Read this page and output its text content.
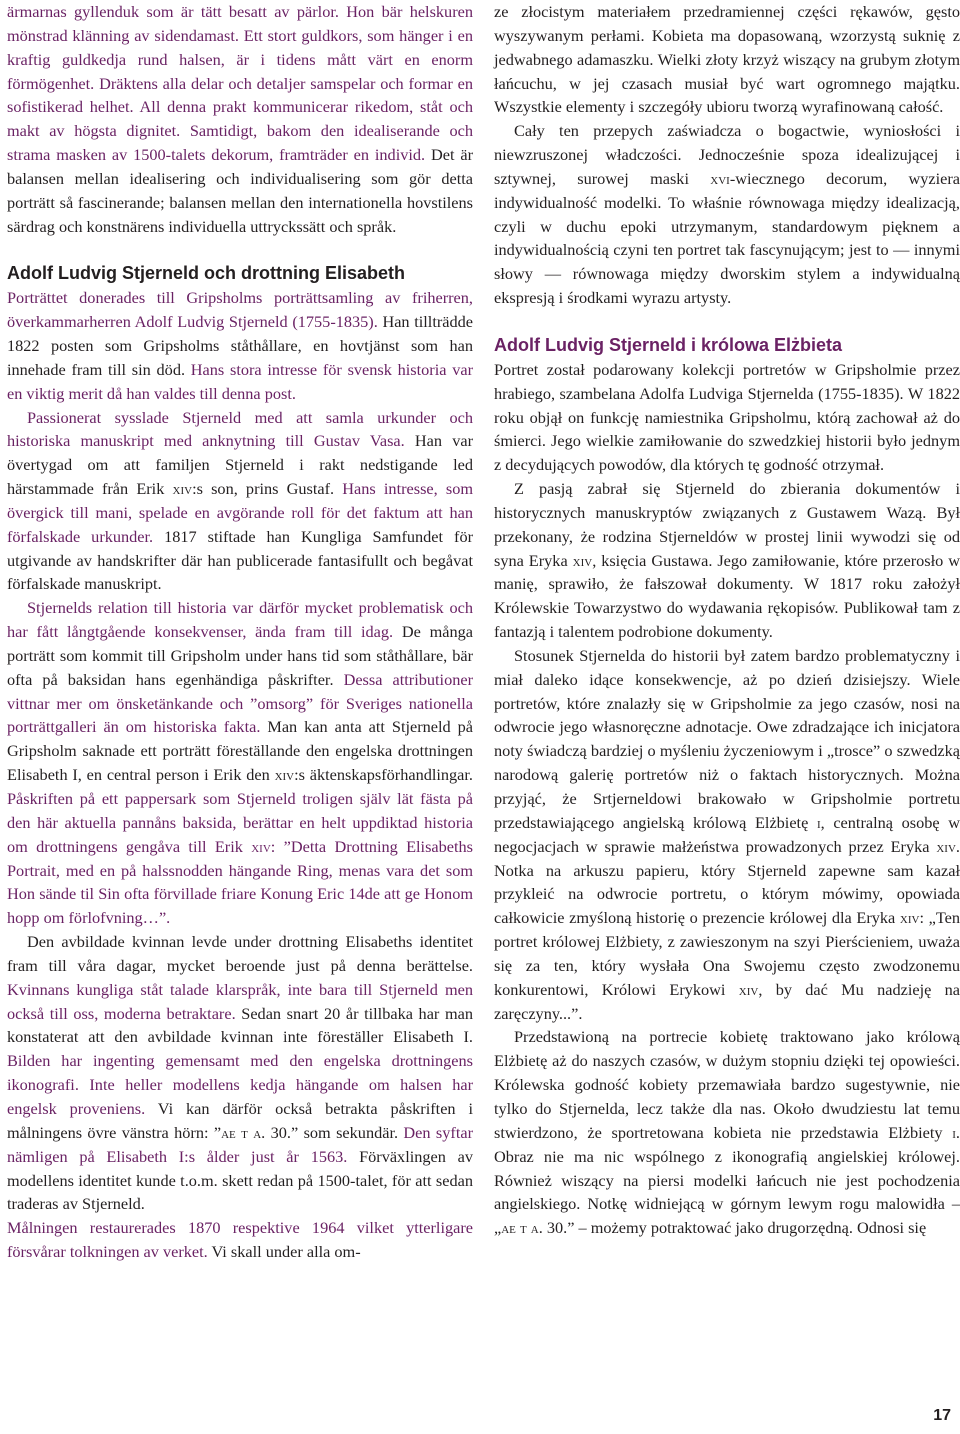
ärmarnas gyllenduk som är tätt besatt av pärlor. Hon bär helskuren mönstrad klänning av sidendamast. Ett stort guldkors, som hänger i en kraftig guldkedja rund halsen, är i tidens mått värt en enorm förmögenhet. Dräktens alla delar och detaljer samspelar och formar en sofistikerad helhet. All denna prakt kommunicerar rikedom, ståt och makt av högsta dignitet. Samtidigt, bakom den idealiserande och strama masken av 1500-talets dekorum, framträder en individ. Det är balansen mellan idealisering och individualisering som gör detta porträtt så fascinerande; balansen mellan den internationella hovstilens särdrag och konstnärens individuella uttryckssätt och språk.

Adolf Ludvig Stjerneld och drottning Elisabeth

Porträttet donerades till Gripsholms porträttsamling av friherren, överkammarherren Adolf Ludvig Stjerneld (1755-1835). Han tillträdde 1822 posten som Gripsholms ståthållare, en hovtjänst som han innehade fram till sin död. Hans stora intresse för svensk historia var en viktig merit då han valdes till denna post.

Passionerat sysslade Stjerneld med att samla urkunder och historiska manuskript med anknytning till Gustav Vasa. Han var övertygad om att familjen Stjerneld i rakt nedstigande led härstammade från Erik xiv:s son, prins Gustaf. Hans intresse, som övergick till mani, spelade en avgörande roll för det faktum att han förfalskade urkunder. 1817 stiftade han Kungliga Samfundet för utgivande av handskrifter där han publicerade fantasifullt och begåvat förfalskade manuskript.

Stjernelds relation till historia var därför mycket problematisk och har fått långtgående konsekvenser, ända fram till idag. De många porträtt som kommit till Gripsholm under hans tid som ståthållare, bär ofta på baksidan hans egenhändiga påskrifter. Dessa attributioner vittnar mer om önsketänkande och ”omsorg” för Sveriges nationella porträttgalleri än om historiska fakta. Man kan anta att Stjerneld på Gripsholm saknade ett porträtt föreställande den engelska drottningen Elisabeth I, en central person i Erik den xiv:s äktenskapsförhandlingar. Påskriften på ett pappersark som Stjerneld troligen själv lät fästa på den här aktuella pannåns baksida, berättar en helt uppdiktad historia om drottningens gengåva till Erik xiv: ”Detta Drottning Elisabeths Portrait, med en på halssnodden hängande Ring, menas vara det som Hon sände til Sin ofta förvillade friare Konung Eric 14de att ge Honom hopp om förlofvning…”.

Den avbildade kvinnan levde under drottning Elisabeths identitet fram till våra dagar, mycket beroende just på denna berättelse. Kvinnans kungliga ståt talade klarspråk, inte bara till Stjerneld men också till oss, moderna betraktare. Sedan snart 20 år tillbaka har man konstaterat att den avbildade kvinnan inte föreställer Elisabeth I. Bilden har ingenting gemensamt med den engelska drottningens ikonografi. Inte heller modellens kedja hängande om halsen har engelsk proveniens. Vi kan därför också betrakta påskriften i målningens övre vänstra hörn: ”ae t a. 30.” som sekundär. Den syftar nämligen på Elisabeth I:s ålder just år 1563. Förväxlingen av modellens identitet kunde t.o.m. skett redan på 1500-talet, för att sedan traderas av Stjerneld.

Målningen restaurerades 1870 respektive 1964 vilket ytterligare försvårar tolkningen av verket. Vi skall under alla om-

ze złocistym materiałem przedramiennej części rękawów, gęsto wyszywanym perłami. Kobieta ma dopasowaną, wzorzystą suknię z jedwabnego adamaszku. Wielki złoty krzyż wiszący na grubym złotym łańcuchu, w jej czasach musiał być wart ogromnego majątku. Wszystkie elementy i szczegóły ubioru tworzą wyrafinowaną całość.

Cały ten przepych zaświadcza o bogactwie, wyniosłości i niewzruszonej władczości. Jednocześnie spoza idealizującej i sztywnej, surowej maski xvi-wiecznego decorum, wyziera indywidualność modelki. To właśnie równowaga między idealizacją, czyli w duchu epoki utrzymanym, standardowym pięknem a indywidualnością czyni ten portret tak fascynującym; jest to — innymi słowy — równowaga między dworskim stylem a indywidualną ekspresją i środkami wyrazu artysty.

Adolf Ludvig Stjerneld i królowa Elżbieta

Portret został podarowany kolekcji portretów w Gripsholmie przez hrabiego, szambelana Adolfa Ludviga Stjernelda (1755-1835). W 1822 roku objął on funkcję namiestnika Gripsholmu, którą zachował aż do śmierci. Jego wielkie zamiłowanie do szwedzkiej historii było jednym z decydujących powodów, dla których tę godność otrzymał.

Z pasją zabrał się Stjerneld do zbierania dokumentów i historycznych manuskryptów związanych z Gustawem Wazą. Był przekonany, że rodzina Stjerneldów w prostej linii wywodzi się od syna Eryka xiv, księcia Gustawa. Jego zamiłowanie, które przerosło w manię, sprawiło, że fałszował dokumenty. W 1817 roku założył Królewskie Towarzystwo do wydawania rękopisów. Publikował tam z fantazją i talentem podrobione dokumenty.

Stosunek Stjernelda do historii był zatem bardzo problematyczny i miał daleko idące konsekwencje, aż po dzień dzisiejszy. Wiele portretów, które znalazły się w Gripsholmie za jego czasów, nosi na odwrocie jego własnoręczne adnotacje. Owe zdradzające ich inicjatora noty świadczą bardziej o myśleniu życzeniowym i „trosce” o szwedzką narodową galerię portretów niż o faktach historycznych. Można przyjąć, że Srtjerneldowi brakowało w Gripsholmie portretu przedstawiającego angielską królową Elżbietę i, centralną osobę w negocjacjach w sprawie małżeństwa prowadzonych przez Eryka xiv. Notka na arkuszu papieru, który Stjerneld zapewne sam kazał przykleić na odwrocie portretu, o którym mówimy, opowiada całkowicie zmyśloną historię o prezencie królowej dla Eryka xiv: „Ten portret królowej Elżbiety, z zawieszonym na szyi Pierścieniem, uważa się za ten, który wysłała Ona Swojemu często zwodzonemu konkurentowi, Królowi Erykowi xiv, by dać Mu nadzieję na zaręczyny...”.

Przedstawioną na portrecie kobietę traktowano jako królową Elżbietę aż do naszych czasów, w dużym stopniu dzięki tej opowieści. Królewska godność kobiety przemawiała bardzo sugestywnie, nie tylko do Stjernelda, lecz także dla nas. Około dwudziestu lat temu stwierdzono, że sportretowana kobieta nie przedstawia Elżbiety i. Obraz nie ma nic wspólnego z ikonografią angielskiej królowej. Również wiszący na piersi modelki łańcuch nie jest pochodzenia angielskiego. Notkę widniejącą w górnym lewym rogu malowidła – „ae t a. 30.” – możemy potraktować jako drugorzędną. Odnosi się

17
